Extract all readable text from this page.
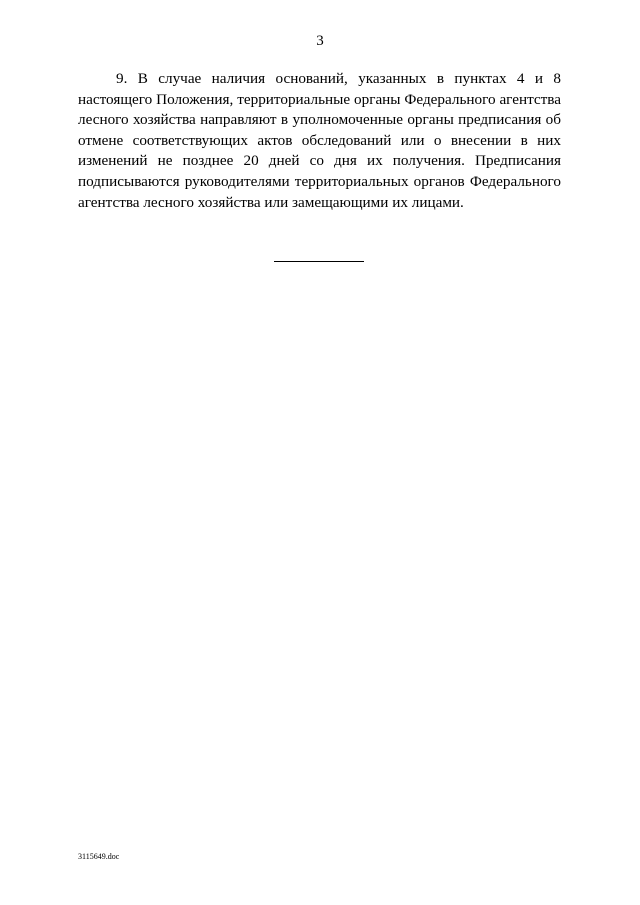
3

9. В случае наличия оснований, указанных в пунктах 4 и 8 настоящего Положения, территориальные органы Федерального агентства лесного хозяйства направляют в уполномоченные органы предписания об отмене соответствующих актов обследований или о внесении в них изменений не позднее 20 дней со дня их получения. Предписания подписываются руководителями территориальных органов Федерального агентства лесного хозяйства или замещающими их лицами.

3115649.doc
